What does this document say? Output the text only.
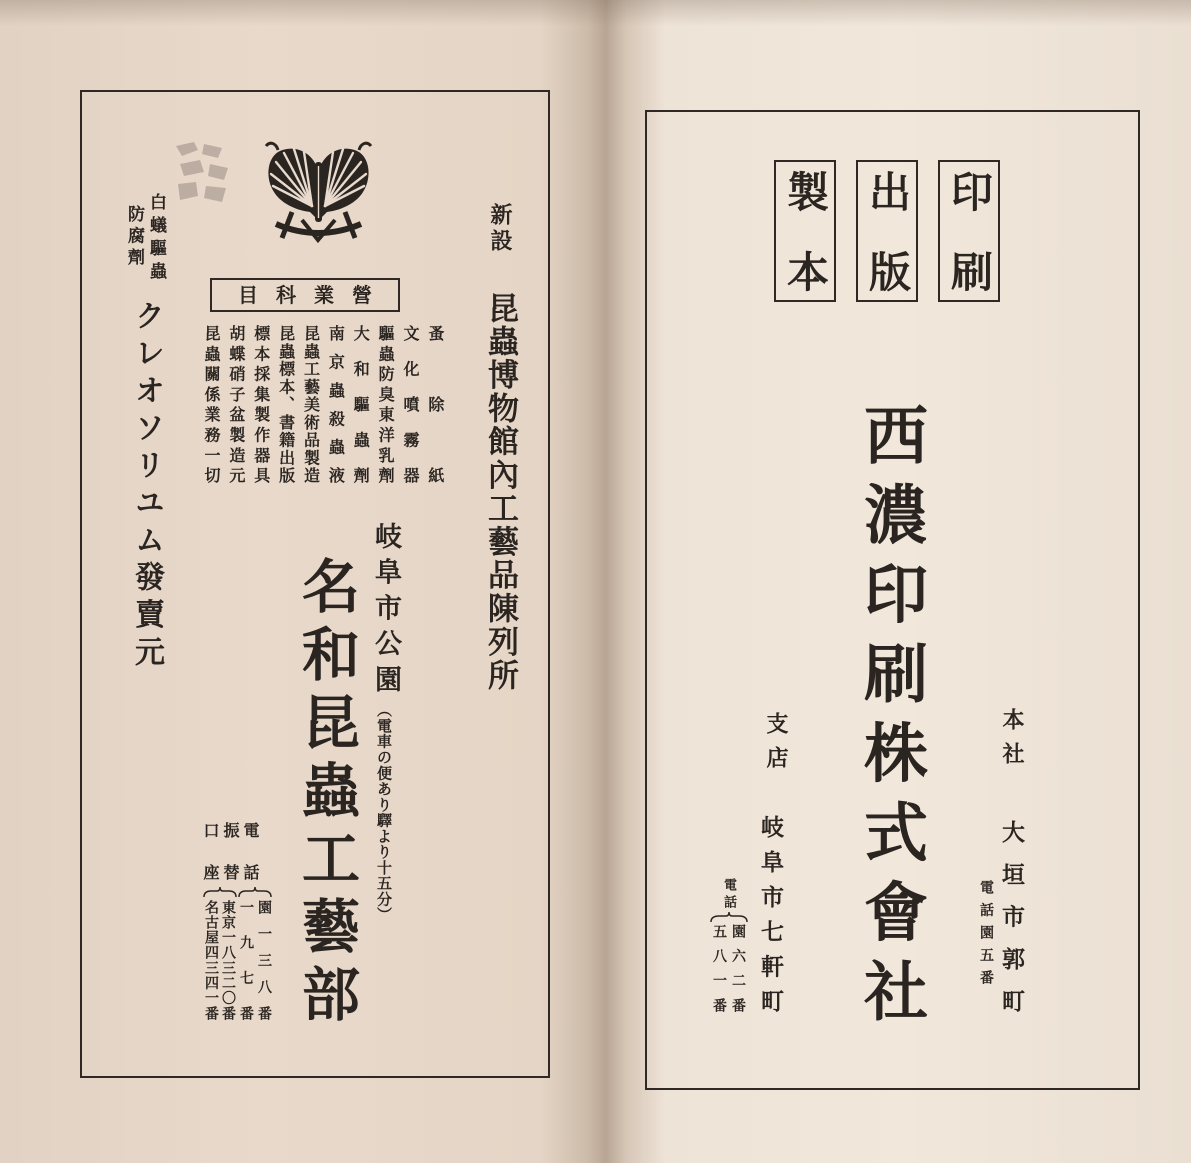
白蟻驅蟲

防腐劑

クレオソリユム發賣元

新設

昆蟲博物館內工藝品陳列所

營業科目
蚤除紙
文化噴霧器
驅蟲防臭東洋乳劑
大和驅蟲劑
南京蟲殺蟲液
昆蟲工藝美術品製造
昆蟲標本、書籍出版
標本採集製作器具
胡蝶硝子盆製造元
昆蟲關係業務一切

岐阜市公園

（電車の便あり驛より十五分）

名和昆蟲工藝部

電話

振替

口座

園一三八番

一九七番

東京一八三二〇番

名古屋四三四一番

印刷

出版

製本

西濃印刷株式會社	本社

大垣市郭町

電話園五番

支店

岐阜市七軒町

電話

園六二番

五八一番
